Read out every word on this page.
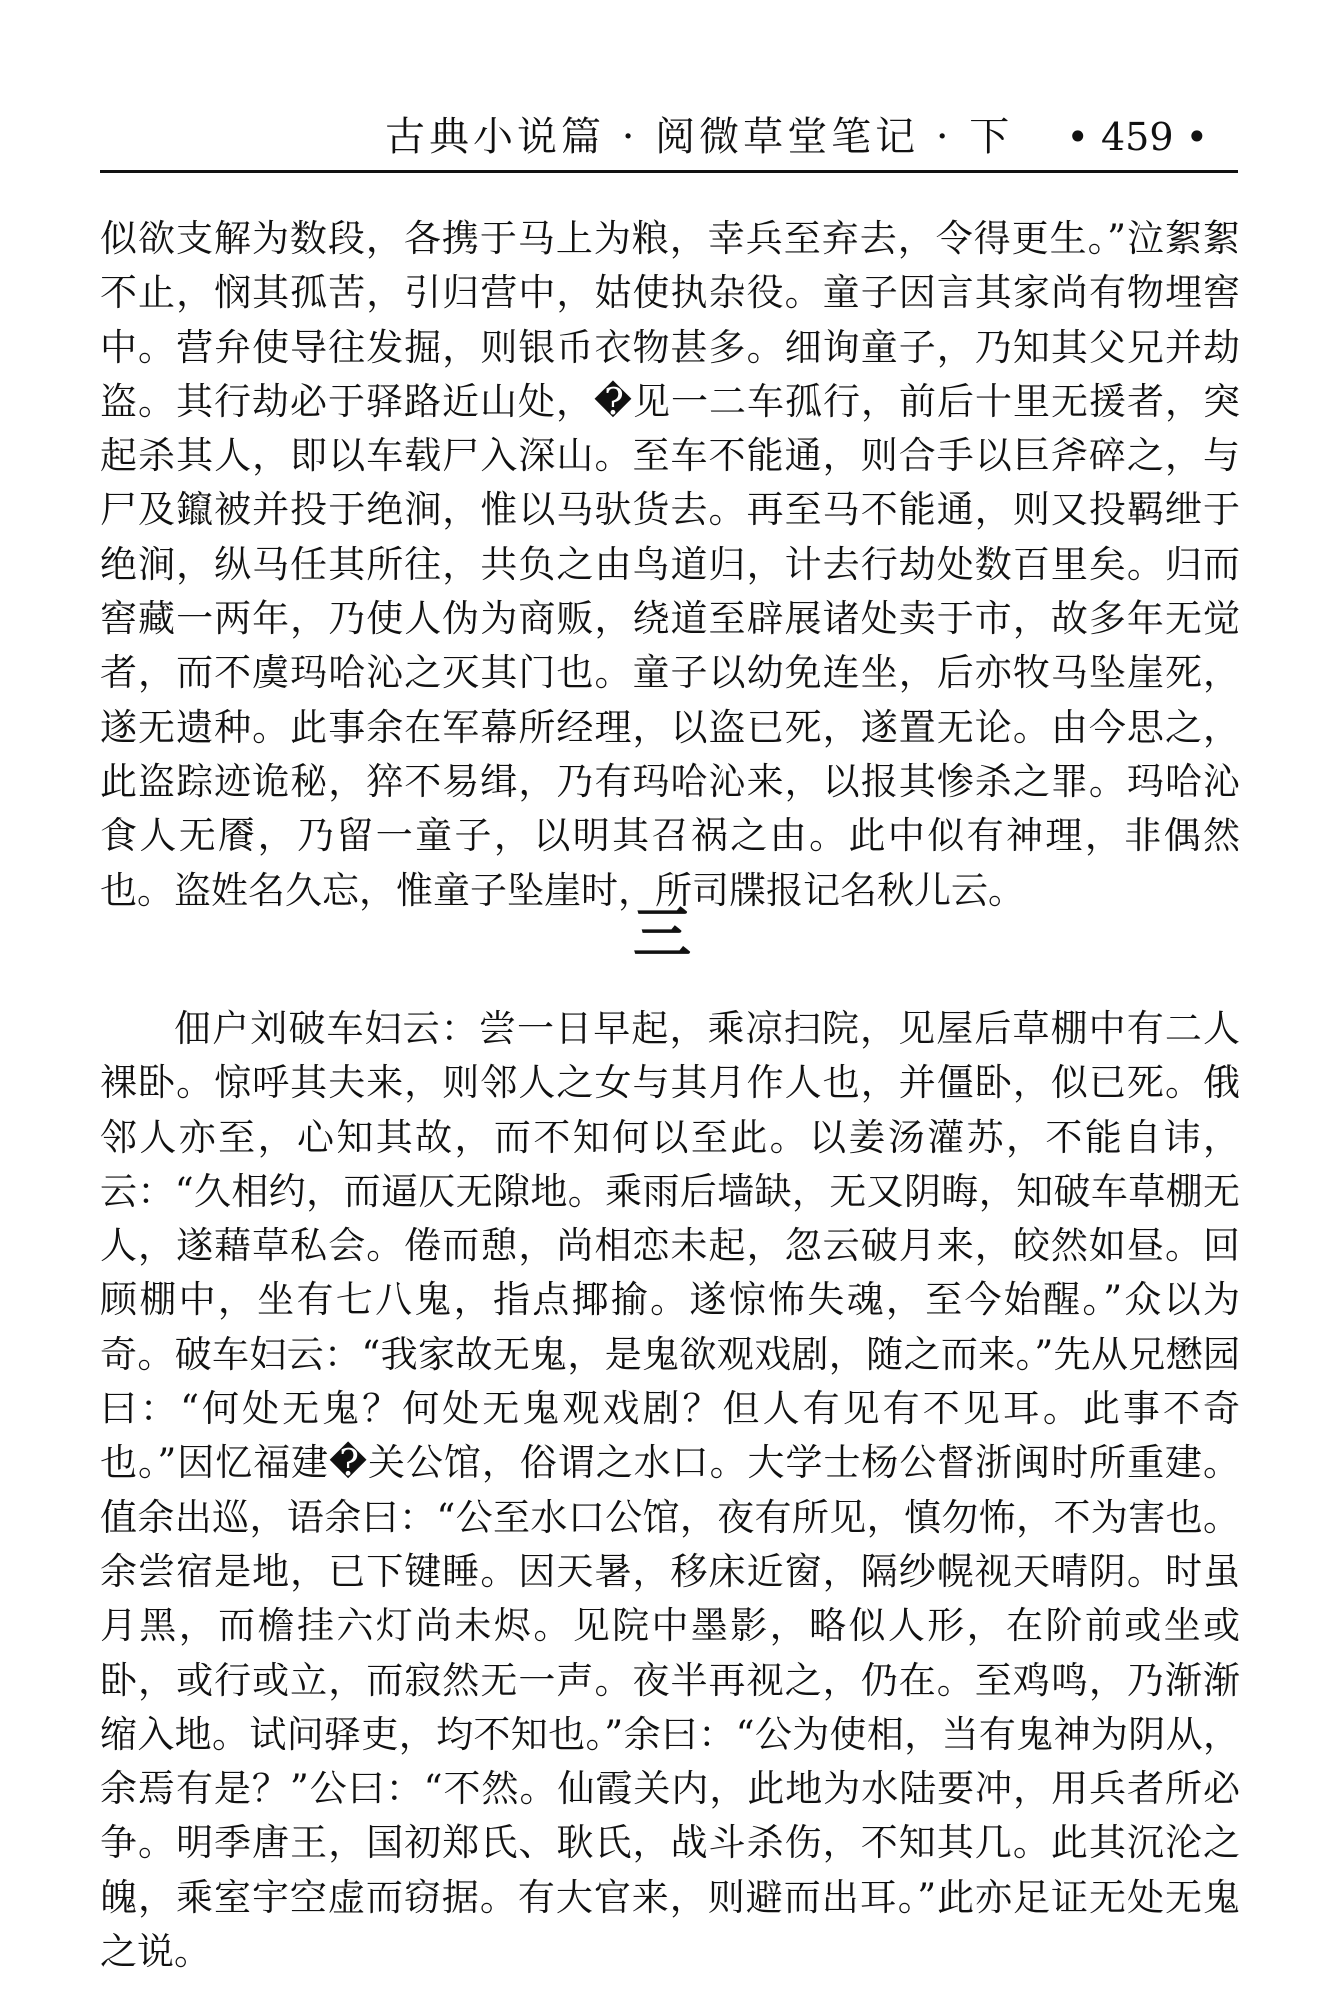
古典小说篇 · 阅微草堂笔记 · 下 • 459 •

似欲支解为数段，各携于马上为粮，幸兵至弃去，令得更生。”泣絮絮不止，悯其孤苦，引归营中，姑使执杂役。童子因言其家尚有物埋窖中。营弁使导往发掘，则银币衣物甚多。细询童子，乃知其父兄并劫盗。其行劫必于驿路近山处，�见一二车孤行，前后十里无援者，突起杀其人，即以车载尸入深山。至车不能通，则合手以巨斧碎之，与尸及鑹被并投于绝涧，惟以马驮货去。再至马不能通，则又投羁绁于绝涧，纵马任其所往，共负之由鸟道归，计去行劫处数百里矣。归而窖藏一两年，乃使人伪为商贩，绕道至辟展诸处卖于市，故多年无觉者，而不虞玛哈沁之灭其门也。童子以幼免连坐，后亦牧马坠崖死，遂无遗种。此事余在军幕所经理，以盗已死，遂置无论。由今思之，此盗踪迹诡秘，猝不易缉，乃有玛哈沁来，以报其惨杀之罪。玛哈沁食人无餍，乃留一童子，以明其召祸之由。此中似有神理，非偶然也。盗姓名久忘，惟童子坠崖时，所司牒报记名秋儿云。

三

佃户刘破车妇云：尝一日早起，乘凉扫院，见屋后草棚中有二人裸卧。惊呼其夫来，则邻人之女与其月作人也，并僵卧，似已死。俄邻人亦至，心知其故，而不知何以至此。以姜汤灌苏，不能自讳，云：“久相约，而逼仄无隙地。乘雨后墙缺，无又阴晦，知破车草棚无人，遂藉草私会。倦而憩，尚相恋未起，忽云破月来，皎然如昼。回顾棚中，坐有七八鬼，指点揶揄。遂惊怖失魂，至今始醒。”众以为奇。破车妇云：“我家故无鬼，是鬼欲观戏剧，随之而来。”先从兄懋园曰：“何处无鬼？何处无鬼观戏剧？但人有见有不见耳。此事不奇也。”因忆福建�关公馆，俗谓之水口。大学士杨公督浙闽时所重建。值余出巡，语余曰：“公至水口公馆，夜有所见，慎勿怖，不为害也。余尝宿是地，已下键睡。因天暑，移床近窗，隔纱幌视天晴阴。时虽月黑，而檐挂六灯尚未烬。见院中墨影，略似人形，在阶前或坐或卧，或行或立，而寂然无一声。夜半再视之，仍在。至鸡鸣，乃渐渐缩入地。试问驿吏，均不知也。”余曰：“公为使相，当有鬼神为阴从，余焉有是？”公曰：“不然。仙霞关内，此地为水陆要冲，用兵者所必争。明季唐王，国初郑氏、耿氏，战斗杀伤，不知其几。此其沉沦之魄，乘室宇空虚而窃据。有大官来，则避而出耳。”此亦足证无处无鬼之说。
